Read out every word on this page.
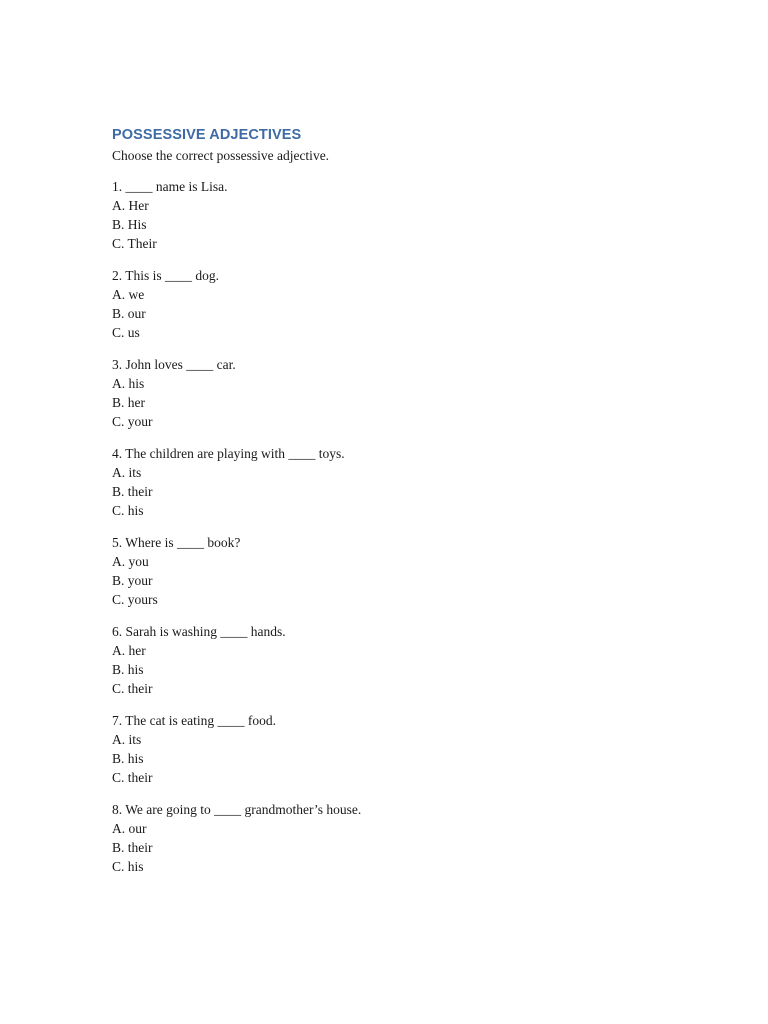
POSSESSIVE ADJECTIVES
Choose the correct possessive adjective.
1. ____ name is Lisa.
A. Her
B. His
C. Their
2. This is ____ dog.
A. we
B. our
C. us
3. John loves ____ car.
A. his
B. her
C. your
4. The children are playing with ____ toys.
A. its
B. their
C. his
5. Where is ____ book?
A. you
B. your
C. yours
6. Sarah is washing ____ hands.
A. her
B. his
C. their
7. The cat is eating ____ food.
A. its
B. his
C. their
8. We are going to ____ grandmother’s house.
A. our
B. their
C. his
